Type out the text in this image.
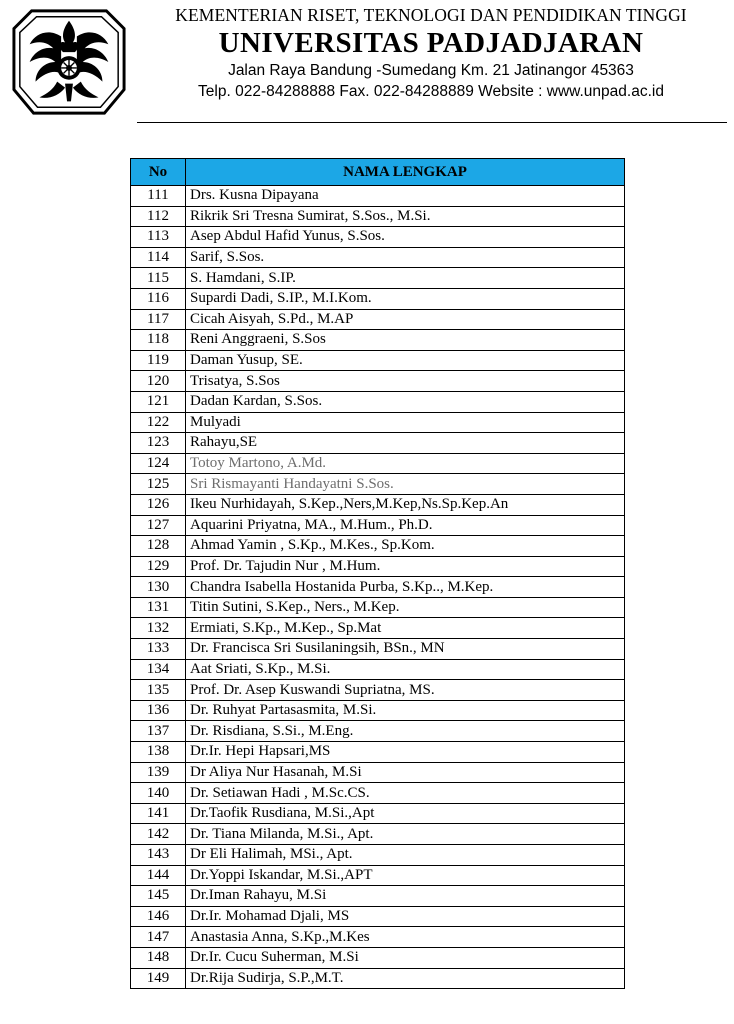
KEMENTERIAN RISET, TEKNOLOGI DAN PENDIDIKAN TINGGI
UNIVERSITAS PADJADJARAN
Jalan Raya Bandung -Sumedang Km. 21 Jatinangor 45363
Telp. 022-84288888 Fax. 022-84288889 Website : www.unpad.ac.id
No	NAMA LENGKAP
111	Drs. Kusna Dipayana
112	Rikrik Sri Tresna Sumirat, S.Sos., M.Si.
113	Asep Abdul Hafid Yunus, S.Sos.
114	Sarif, S.Sos.
115	S. Hamdani, S.IP.
116	Supardi Dadi, S.IP., M.I.Kom.
117	Cicah Aisyah, S.Pd., M.AP
118	Reni Anggraeni, S.Sos
119	Daman Yusup, SE.
120	Trisatya, S.Sos
121	Dadan Kardan, S.Sos.
122	Mulyadi
123	Rahayu,SE
124	Totoy Martono, A.Md.
125	Sri Rismayanti Handayatni S.Sos.
126	Ikeu Nurhidayah, S.Kep.,Ners,M.Kep,Ns.Sp.Kep.An
127	Aquarini Priyatna, MA., M.Hum., Ph.D.
128	Ahmad Yamin , S.Kp., M.Kes., Sp.Kom.
129	Prof. Dr. Tajudin Nur , M.Hum.
130	Chandra Isabella Hostanida Purba, S.Kp.., M.Kep.
131	Titin Sutini, S.Kep., Ners., M.Kep.
132	Ermiati, S.Kp., M.Kep., Sp.Mat
133	Dr. Francisca Sri Susilaningsih, BSn., MN
134	Aat Sriati, S.Kp., M.Si.
135	Prof. Dr. Asep Kuswandi Supriatna, MS.
136	Dr. Ruhyat Partasasmita, M.Si.
137	Dr. Risdiana, S.Si., M.Eng.
138	Dr.Ir. Hepi Hapsari,MS
139	Dr Aliya Nur Hasanah, M.Si
140	Dr. Setiawan Hadi , M.Sc.CS.
141	Dr.Taofik Rusdiana, M.Si.,Apt
142	Dr. Tiana Milanda, M.Si., Apt.
143	Dr Eli Halimah, MSi., Apt.
144	Dr.Yoppi Iskandar, M.Si.,APT
145	Dr.Iman Rahayu, M.Si
146	Dr.Ir. Mohamad Djali, MS
147	Anastasia Anna, S.Kp.,M.Kes
148	Dr.Ir. Cucu Suherman, M.Si
149	Dr.Rija Sudirja, S.P.,M.T.
